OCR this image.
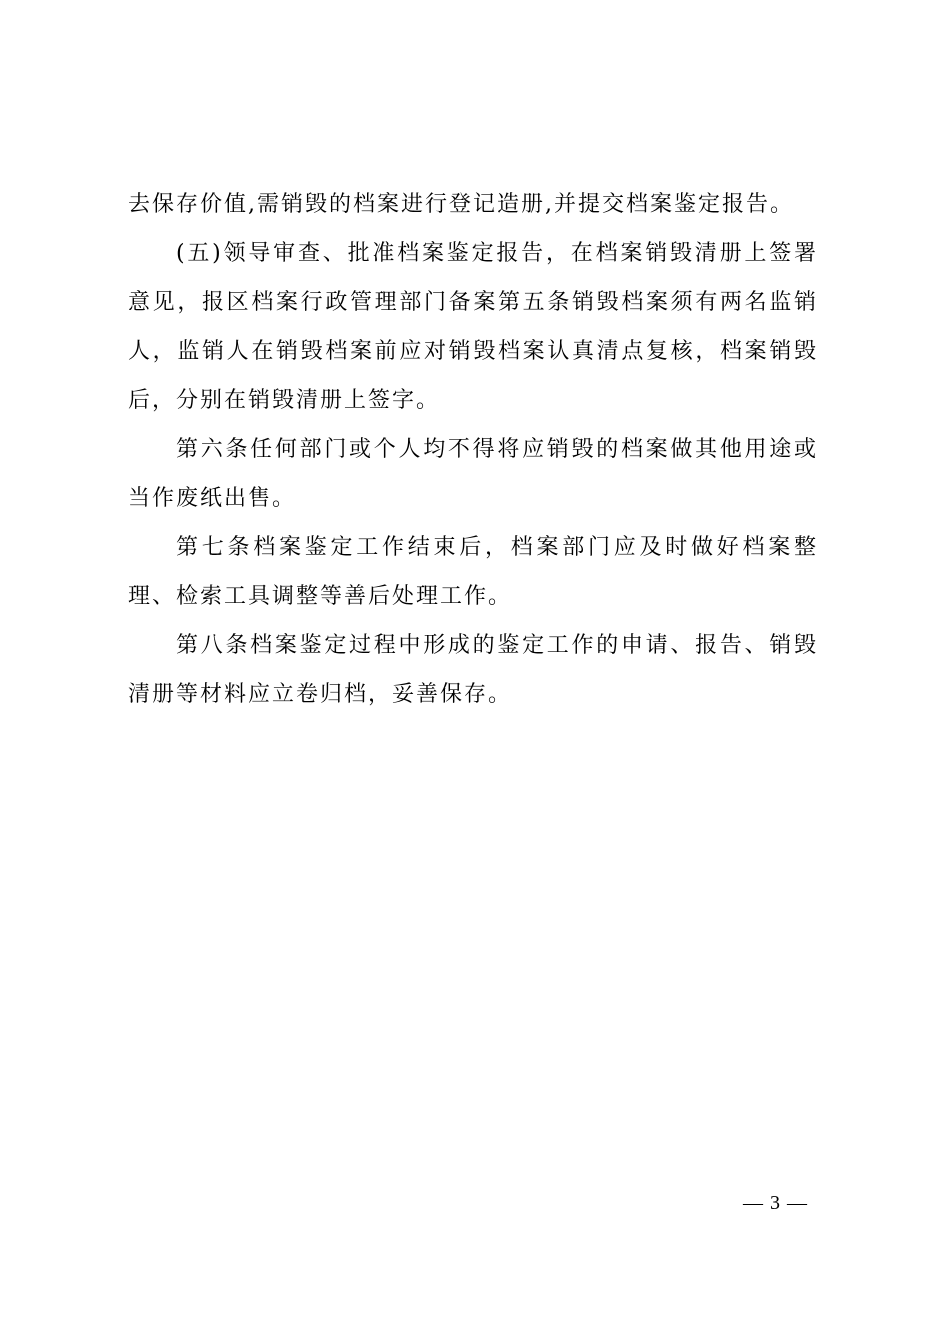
去保存价值,需销毁的档案进行登记造册,并提交档案鉴定报告。

(五)领导审查、批准档案鉴定报告，在档案销毁清册上签署意见，报区档案行政管理部门备案第五条销毁档案须有两名监销人，监销人在销毁档案前应对销毁档案认真清点复核，档案销毁后，分别在销毁清册上签字。

第六条任何部门或个人均不得将应销毁的档案做其他用途或当作废纸出售。

第七条档案鉴定工作结束后，档案部门应及时做好档案整理、检索工具调整等善后处理工作。

第八条档案鉴定过程中形成的鉴定工作的申请、报告、销毁清册等材料应立卷归档，妥善保存。

— 3 —
